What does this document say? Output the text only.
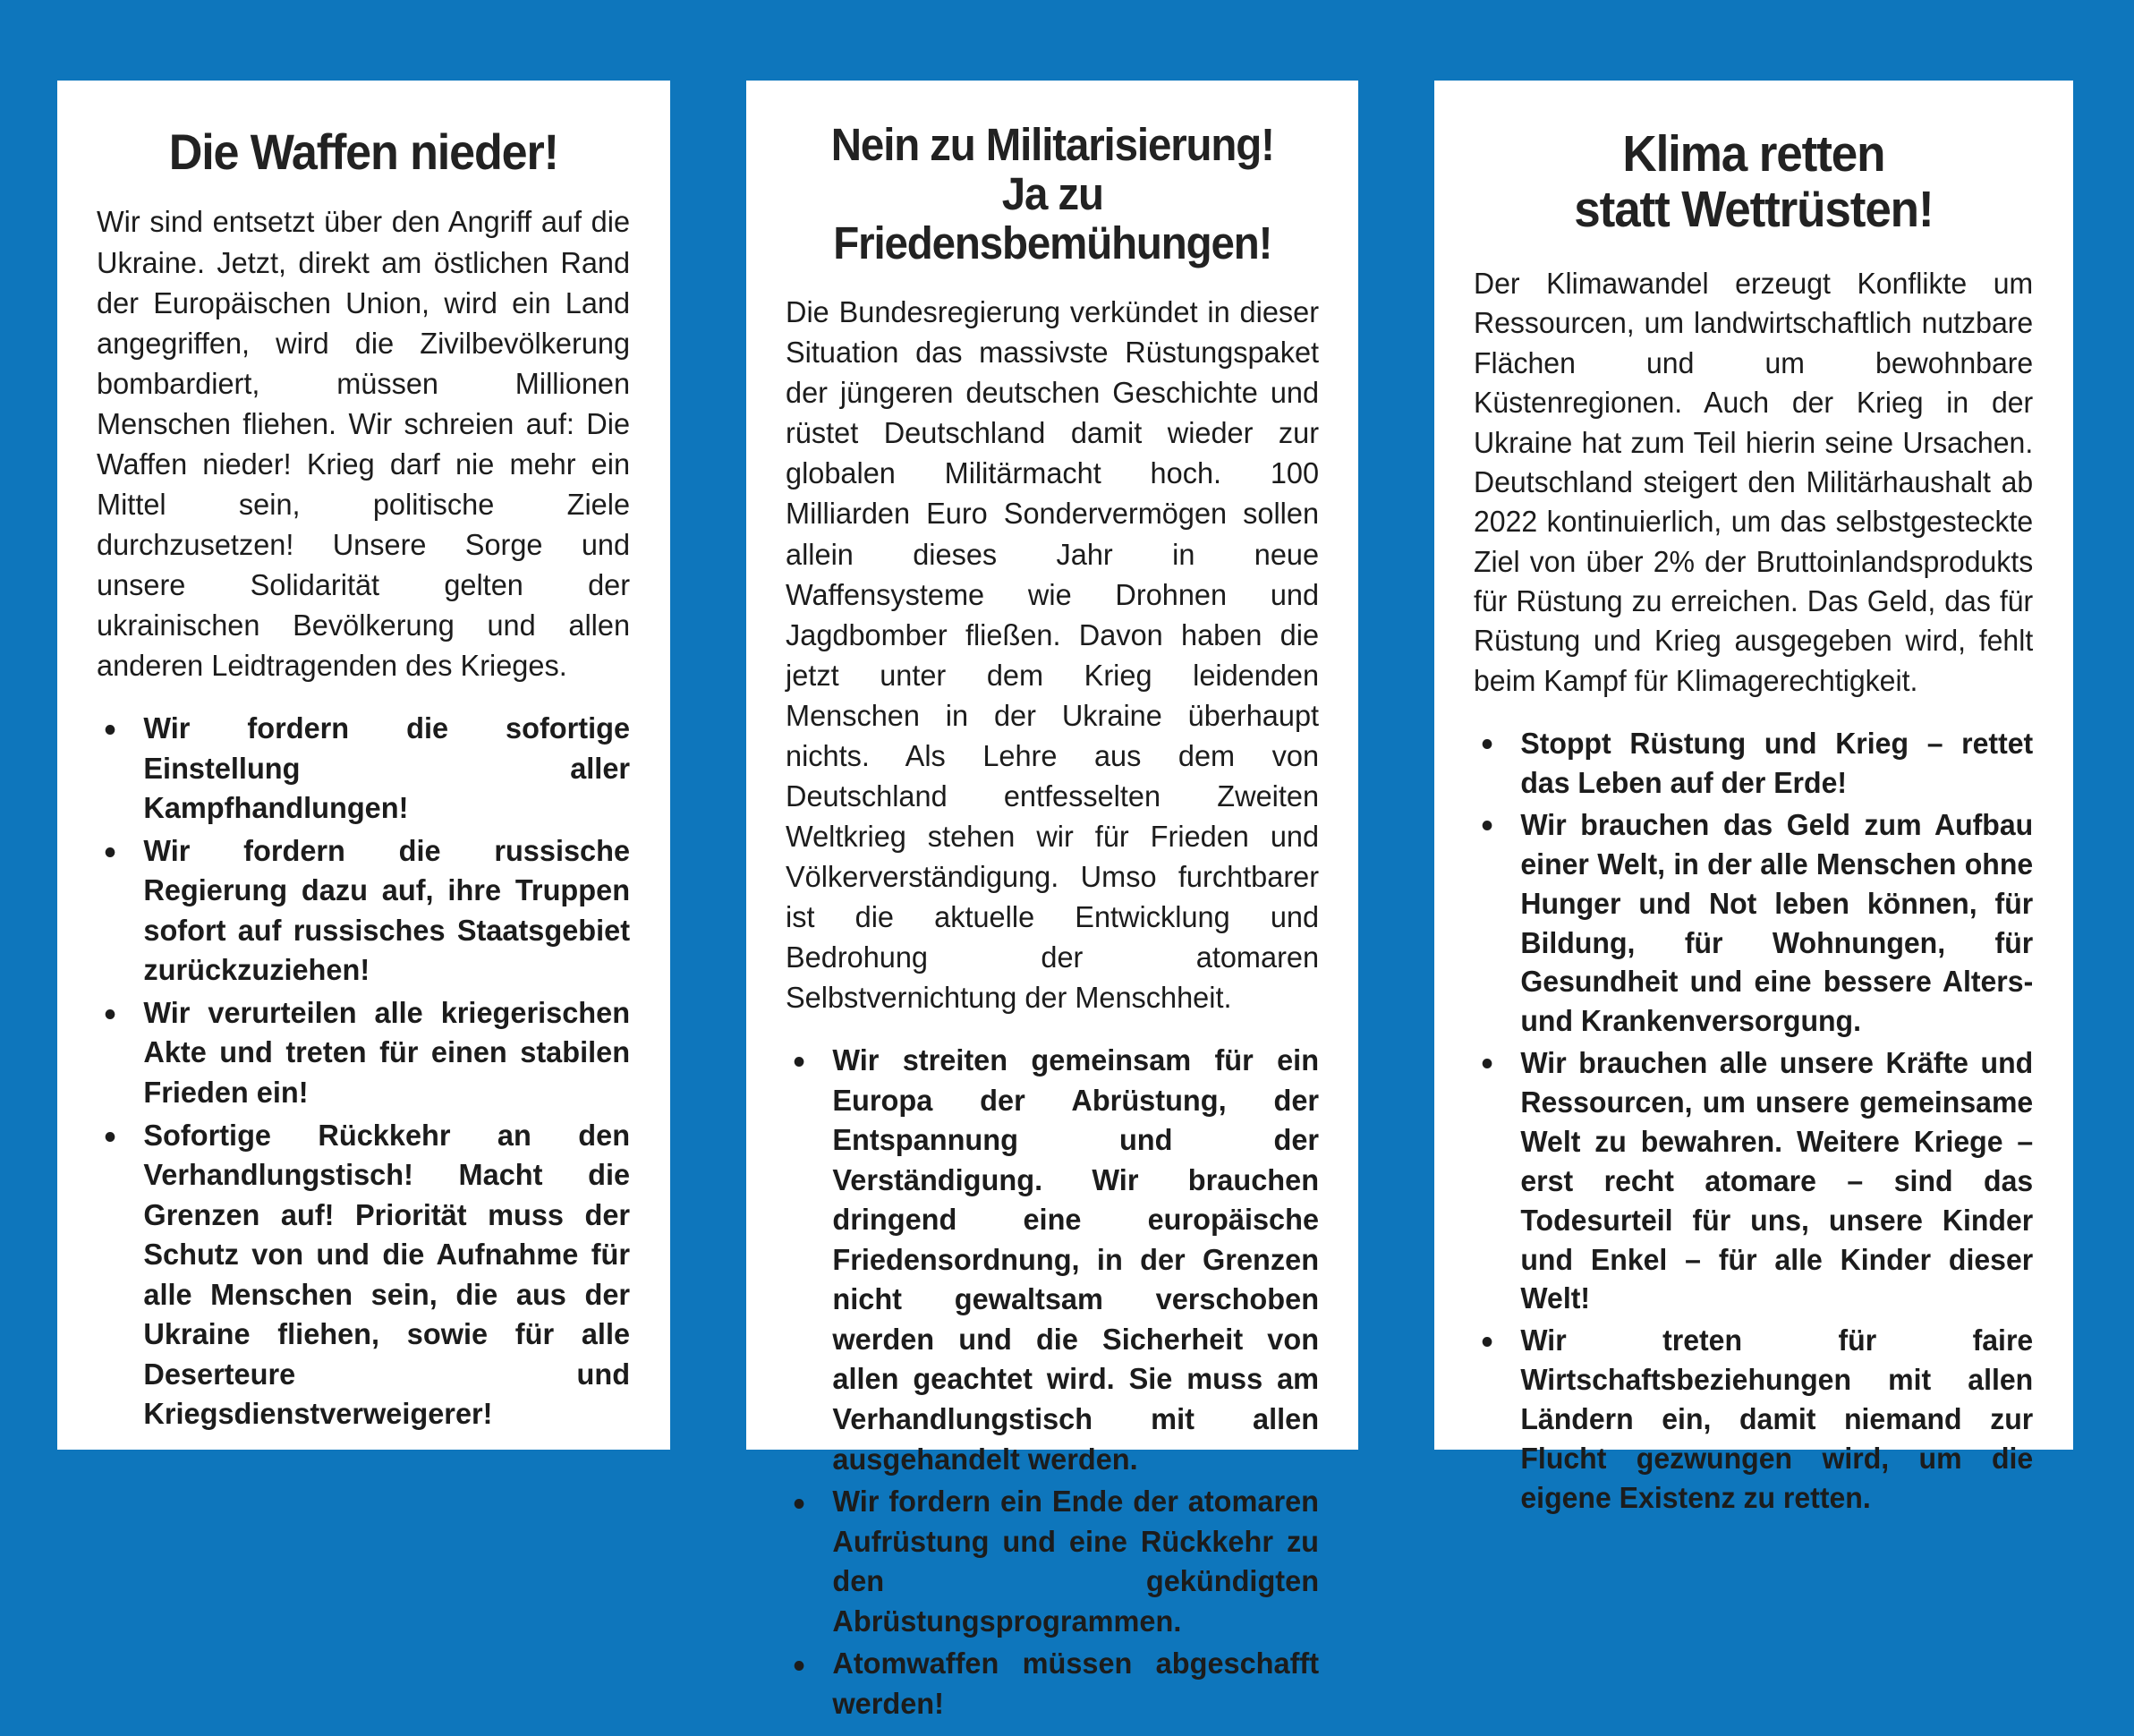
Die Waffen nieder!

Wir sind entsetzt über den Angriff auf die Ukraine. Jetzt, direkt am östlichen Rand der Europäischen Union, wird ein Land angegriffen, wird die Zivilbevölkerung bombardiert, müssen Millionen Menschen fliehen. Wir schreien auf: Die Waffen nieder! Krieg darf nie mehr ein Mittel sein, politische Ziele durchzusetzen! Unsere Sorge und unsere Solidarität gelten der ukrainischen Bevölkerung und allen anderen Leidtragenden des Krieges.

Wir fordern die sofortige Einstellung aller Kampfhandlungen!
Wir fordern die russische Regierung dazu auf, ihre Truppen sofort auf russisches Staatsgebiet zurückzuziehen!
Wir verurteilen alle kriegerischen Akte und treten für einen stabilen Frieden ein!
Sofortige Rückkehr an den Verhandlungstisch! Macht die Grenzen auf! Priorität muss der Schutz von und die Aufnahme für alle Menschen sein, die aus der Ukraine fliehen, sowie für alle Deserteure und Kriegsdienstverweigerer!
Nein zu Militarisierung!
Ja zu Friedensbemühungen!

Die Bundesregierung verkündet in dieser Situation das massivste Rüstungspaket der jüngeren deutschen Geschichte und rüstet Deutschland damit wieder zur globalen Militärmacht hoch. 100 Milliarden Euro Sondervermögen sollen allein dieses Jahr in neue Waffensysteme wie Drohnen und Jagdbomber fließen. Davon haben die jetzt unter dem Krieg leidenden Menschen in der Ukraine überhaupt nichts. Als Lehre aus dem von Deutschland entfesselten Zweiten Weltkrieg stehen wir für Frieden und Völkerverständigung. Umso furchtbarer ist die aktuelle Entwicklung und Bedrohung der atomaren Selbstvernichtung der Menschheit.

Wir streiten gemeinsam für ein Europa der Abrüstung, der Entspannung und der Verständigung. Wir brauchen dringend eine europäische Friedensordnung, in der Grenzen nicht gewaltsam verschoben werden und die Sicherheit von allen geachtet wird. Sie muss am Verhandlungstisch mit allen ausgehandelt werden.
Wir fordern ein Ende der atomaren Aufrüstung und eine Rückkehr zu den gekündigten Abrüstungsprogrammen.
Atomwaffen müssen abgeschafft werden!
Klima retten
statt Wettrüsten!

Der Klimawandel erzeugt Konflikte um Ressourcen, um landwirtschaftlich nutzbare Flächen und um bewohnbare Küstenregionen. Auch der Krieg in der Ukraine hat zum Teil hierin seine Ursachen. Deutschland steigert den Militärhaushalt ab 2022 kontinuierlich, um das selbstgesteckte Ziel von über 2% der Bruttoinlandsprodukts für Rüstung zu erreichen. Das Geld, das für Rüstung und Krieg ausgegeben wird, fehlt beim Kampf für Klimagerechtigkeit.

Stoppt Rüstung und Krieg – rettet das Leben auf der Erde!
Wir brauchen das Geld zum Aufbau einer Welt, in der alle Menschen ohne Hunger und Not leben können, für Bildung, für Wohnungen, für Gesundheit und eine bessere Alters- und Krankenversorgung.
Wir brauchen alle unsere Kräfte und Ressourcen, um unsere gemeinsame Welt zu bewahren. Weitere Kriege – erst recht atomare – sind das Todesurteil für uns, unsere Kinder und Enkel – für alle Kinder dieser Welt!
Wir treten für faire Wirtschaftsbeziehungen mit allen Ländern ein, damit niemand zur Flucht gezwungen wird, um die eigene Existenz zu retten.
